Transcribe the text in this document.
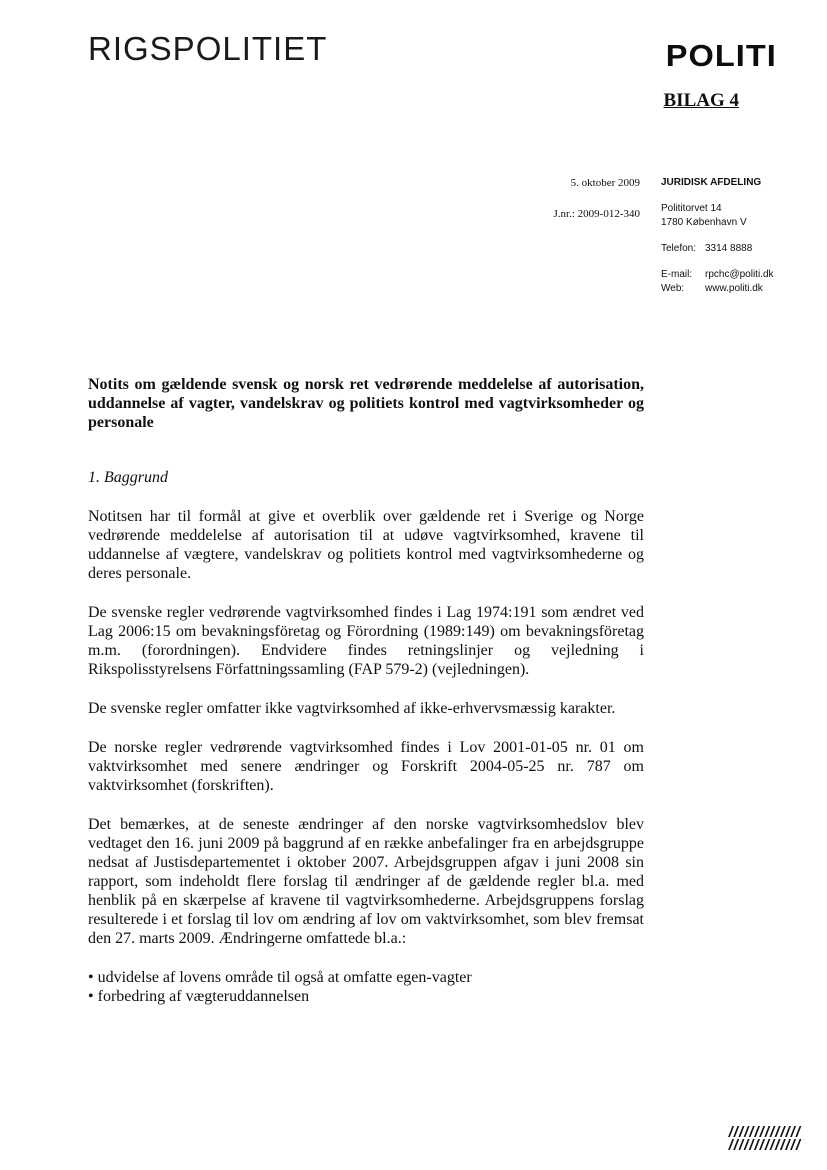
RIGSPOLITIET	POLITI
BILAG 4
5. oktober 2009
J.nr.: 2009-012-340
JURIDISK AFDELING
Polititorvet 14
1780 København V
Telefon: 3314 8888
E-mail:	rpchc@politi.dk
Web:	www.politi.dk

Notits om gældende svensk og norsk ret vedrørende meddelelse af autorisation, uddannelse af vagter, vandelskrav og politiets kontrol med vagtvirksomheder og personale

1. Baggrund

Notitsen har til formål at give et overblik over gældende ret i Sverige og Norge vedrørende meddelelse af autorisation til at udøve vagtvirksomhed, kravene til uddannelse af vægtere, vandelskrav og politiets kontrol med vagtvirksomhederne og deres personale.

De svenske regler vedrørende vagtvirksomhed findes i Lag 1974:191 som ændret ved Lag 2006:15 om bevakningsföretag og Förordning (1989:149) om bevakningsföretag m.m. (forordningen). Endvidere findes retningslinjer og vejledning i Rikspolisstyrelsens Författningssamling (FAP 579-2) (vejledningen).

De svenske regler omfatter ikke vagtvirksomhed af ikke-erhvervsmæssig karakter.

De norske regler vedrørende vagtvirksomhed findes i Lov 2001-01-05 nr. 01 om vaktvirksomhet med senere ændringer og Forskrift 2004-05-25 nr. 787 om vaktvirksomhet (forskriften).

Det bemærkes, at de seneste ændringer af den norske vagtvirksomhedslov blev vedtaget den 16. juni 2009 på baggrund af en række anbefalinger fra en arbejdsgruppe nedsat af Justisdepartementet i oktober 2007. Arbejdsgruppen afgav i juni 2008 sin rapport, som indeholdt flere forslag til ændringer af de gældende regler bl.a. med henblik på en skærpelse af kravene til vagtvirksomhederne. Arbejdsgruppens forslag resulterede i et forslag til lov om ændring af lov om vaktvirksomhet, som blev fremsat den 27. marts 2009. Ændringerne omfattede bl.a.:

• udvidelse af lovens område til også at omfatte egen-vagter
• forbedring af vægteruddannelsen
//////////////
//////////////
